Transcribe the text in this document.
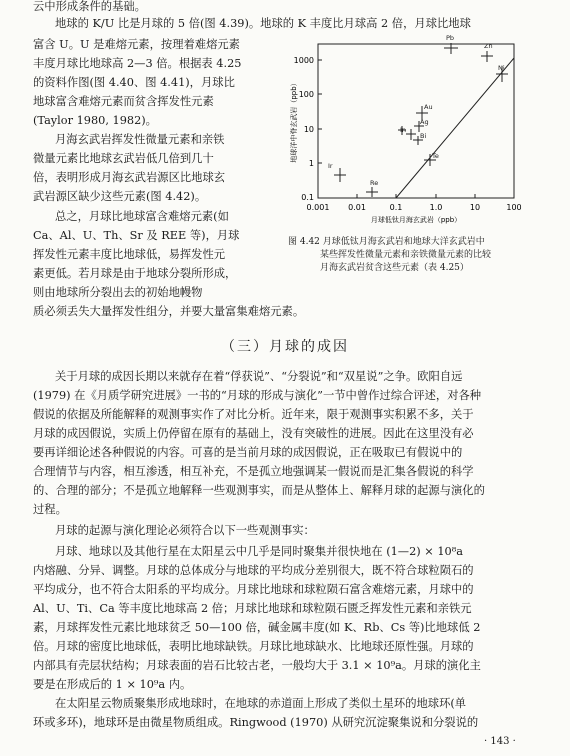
云中形成条件的基础。
地球的 K/U 比是月球的 5 倍(图 4.39)。地球的 K 丰度比月球高 2 倍，月球比地球
富含 U。U 是难熔元素，按理着难熔元素
丰度月球比地球高 2—3 倍。根据表 4.25
的资料作图(图 4.40、图 4.41)，月球比
地球富含难熔元素而贫含挥发性元素
(Taylor 1980, 1982)。
月海玄武岩挥发性微量元素和亲铁
微量元素比地球玄武岩低几倍到几十
倍，表明形成月海玄武岩源区比地球玄
武岩源区缺少这些元素(图 4.42)。
总之，月球比地球富含难熔元素(如
Ca、Al、U、Th、Sr 及 REE 等)，月球
挥发性元素丰度比地球低，易挥发性元
素更低。若月球是由于地球分裂所形成，
则由地球所分裂出去的初始地幔物
质必须丢失大量挥发性组分，并要大量富集难熔元素。
1000
100
10
1
0.1
0.001 0.01	0.1	1.0	10	100
Pb
Zn
Ni
Au
Ag
In
Bi
Te
Ir
Re
月球低钛月海玄武岩（ppb）
地球洋中脊玄武岩（ppb）
图 4.42 月球低钛月海玄武岩和地球大洋玄武岩中
某些挥发性微量元素和亲铁微量元素的比较
月海玄武岩贫含这些元素（表 4.25）
（三）月球的成因
关于月球的成因长期以来就存在着“俘获说”、“分裂说”和“双星说”之争。欧阳自远
(1979) 在《月质学研究进展》一书的“月球的形成与演化”一节中曾作过综合评述，对各种
假说的依据及所能解释的观测事实作了对比分析。近年来，限于观测事实积累不多，关于
月球的成因假说，实质上仍停留在原有的基础上，没有突破性的进展。因此在这里没有必
要再详细论述各种假说的内容。可喜的是当前月球的成因假说，正在吸取已有假说中的
合理情节与内容，相互渗透，相互补充，不是孤立地强调某一假说而是汇集各假说的科学
的、合理的部分；不是孤立地解释一些观测事实，而是从整体上、解释月球的起源与演化的
过程。
月球的起源与演化理论必须符合以下一些观测事实：
月球、地球以及其他行星在太阳星云中几乎是同时聚集并很快地在 (1—2) × 10⁸a
内熔融、分异、调整。月球的总体成分与地球的平均成分差别很大，既不符合球粒陨石的
平均成分，也不符合太阳系的平均成分。月球比地球和球粒陨石富含难熔元素，月球中的
Al、U、Ti、Ca 等丰度比地球高 2 倍；月球比地球和球粒陨石匮乏挥发性元素和亲铁元
素，月球挥发性元素比地球贫乏 50—100 倍，碱金属丰度(如 K、Rb、Cs 等)比地球低 2
倍。月球的密度比地球低，表明比地球缺铁。月球比地球缺水、比地球还原性强。月球的
内部具有壳层状结构；月球表面的岩石比较古老，一般均大于 3.1 × 10⁹a。月球的演化主
要是在形成后的 1 × 10⁹a 内。
在太阳星云物质聚集形成地球时，在地球的赤道面上形成了类似土星环的地球环(单
环或多环)，地球环是由微星物质组成。Ringwood (1970) 从研究沉淀聚集说和分裂说的
· 143 ·
